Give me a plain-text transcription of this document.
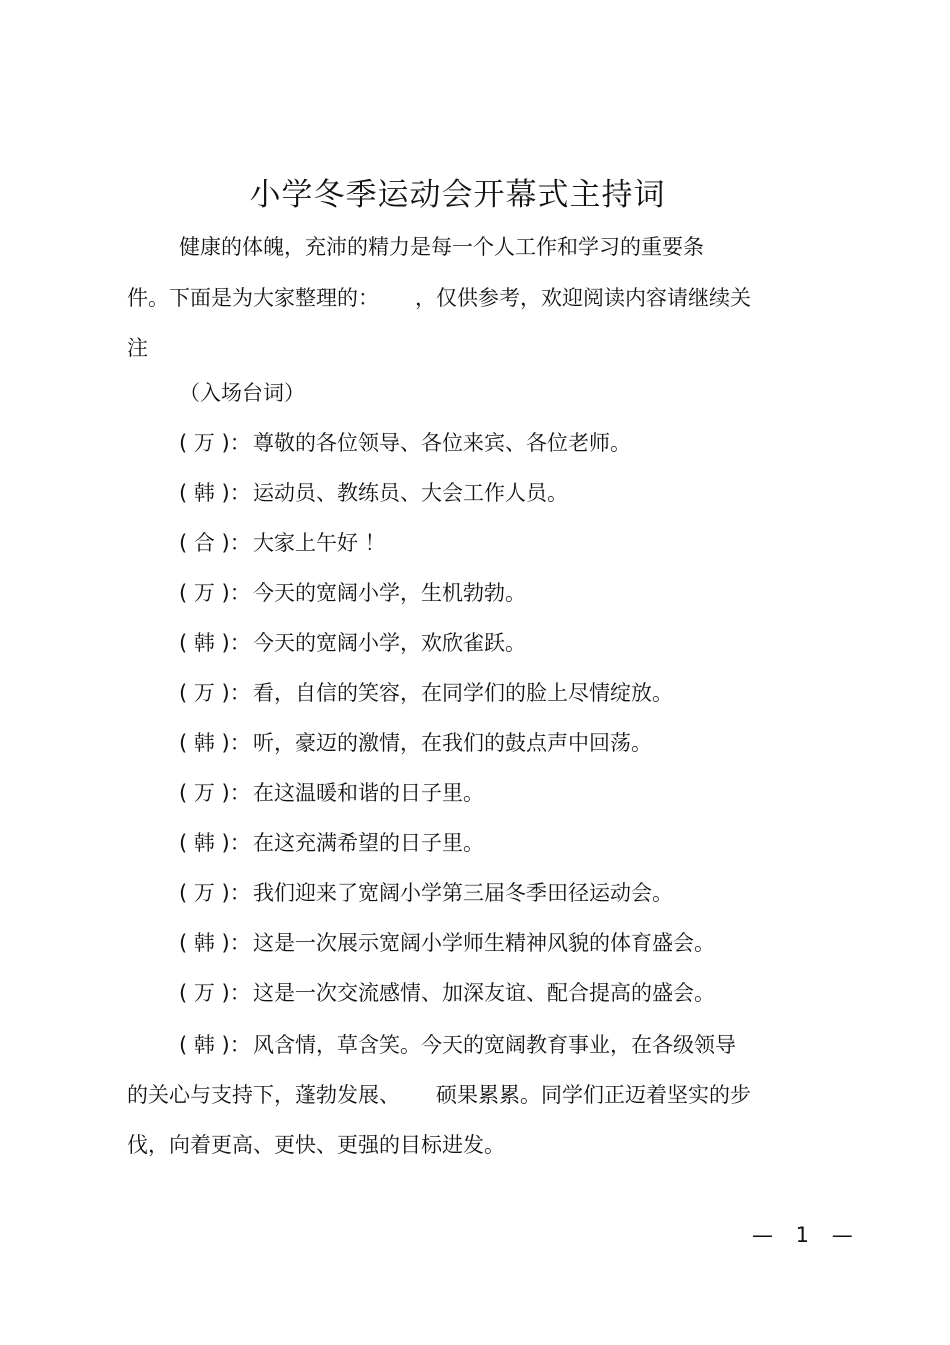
小学冬季运动会开幕式主持词
健康的体魄，充沛的精力是每一个人工作和学习的重要条
件。下面是为大家整理的： ，仅供参考，欢迎阅读内容请继续关
注
（入场台词）
( 万 )： 尊敬的各位领导、各位来宾、各位老师。
( 韩 )： 运动员、教练员、大会工作人员。
( 合 )： 大家上午好 ！
( 万 )： 今天的宽阔小学，生机勃勃。
( 韩 )： 今天的宽阔小学，欢欣雀跃。
( 万 )： 看，自信的笑容，在同学们的脸上尽情绽放。
( 韩 )： 听，豪迈的激情，在我们的鼓点声中回荡。
( 万 )： 在这温暖和谐的日子里。
( 韩 )： 在这充满希望的日子里。
( 万 )： 我们迎来了宽阔小学第三届冬季田径运动会。
( 韩 )： 这是一次展示宽阔小学师生精神风貌的体育盛会。
( 万 )： 这是一次交流感情、加深友谊、配合提高的盛会。
( 韩 )： 风含情，草含笑。今天的宽阔教育事业，在各级领导
的关心与支持下，蓬勃发展、 硕果累累。同学们正迈着坚实的步
伐，向着更高、更快、更强的目标进发。
— 1 —
